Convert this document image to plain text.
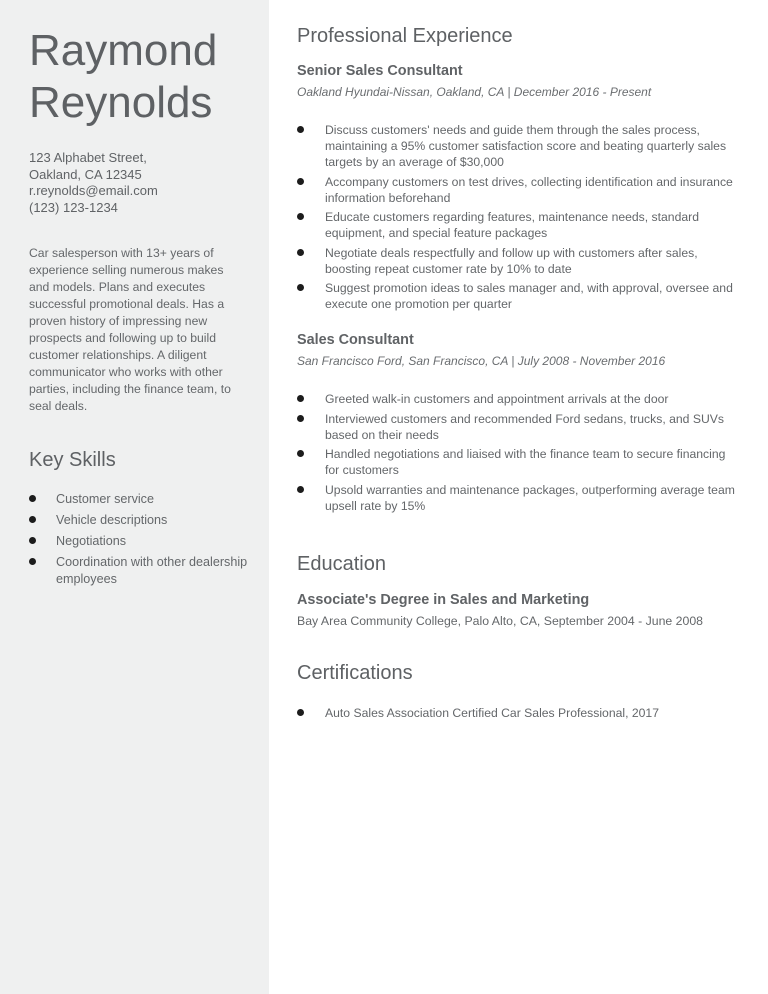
Raymond
Reynolds
123 Alphabet Street,
Oakland, CA 12345
r.reynolds@email.com
(123) 123-1234

Car salesperson with 13+ years of experience selling numerous makes and models. Plans and executes successful promotional deals. Has a proven history of impressing new prospects and following up to build customer relationships. A diligent communicator who works with other parties, including the finance team, to seal deals.

Key Skills
Customer service
Vehicle descriptions
Negotiations
Coordination with other dealership employees
Professional Experience
Senior Sales Consultant

Oakland Hyundai-Nissan, Oakland, CA | December 2016 - Present

Discuss customers' needs and guide them through the sales process, maintaining a 95% customer satisfaction score and beating quarterly sales targets by an average of $30,000
Accompany customers on test drives, collecting identification and insurance information beforehand
Educate customers regarding features, maintenance needs, standard equipment, and special feature packages
Negotiate deals respectfully and follow up with customers after sales, boosting repeat customer rate by 10% to date
Suggest promotion ideas to sales manager and, with approval, oversee and execute one promotion per quarter
Sales Consultant

San Francisco Ford, San Francisco, CA | July 2008 - November 2016

Greeted walk-in customers and appointment arrivals at the door
Interviewed customers and recommended Ford sedans, trucks, and SUVs based on their needs
Handled negotiations and liaised with the finance team to secure financing for customers
Upsold warranties and maintenance packages, outperforming average team upsell rate by 15%
Education
Associate's Degree in Sales and Marketing

Bay Area Community College, Palo Alto, CA, September 2004 - June 2008

Certifications
Auto Sales Association Certified Car Sales Professional, 2017
